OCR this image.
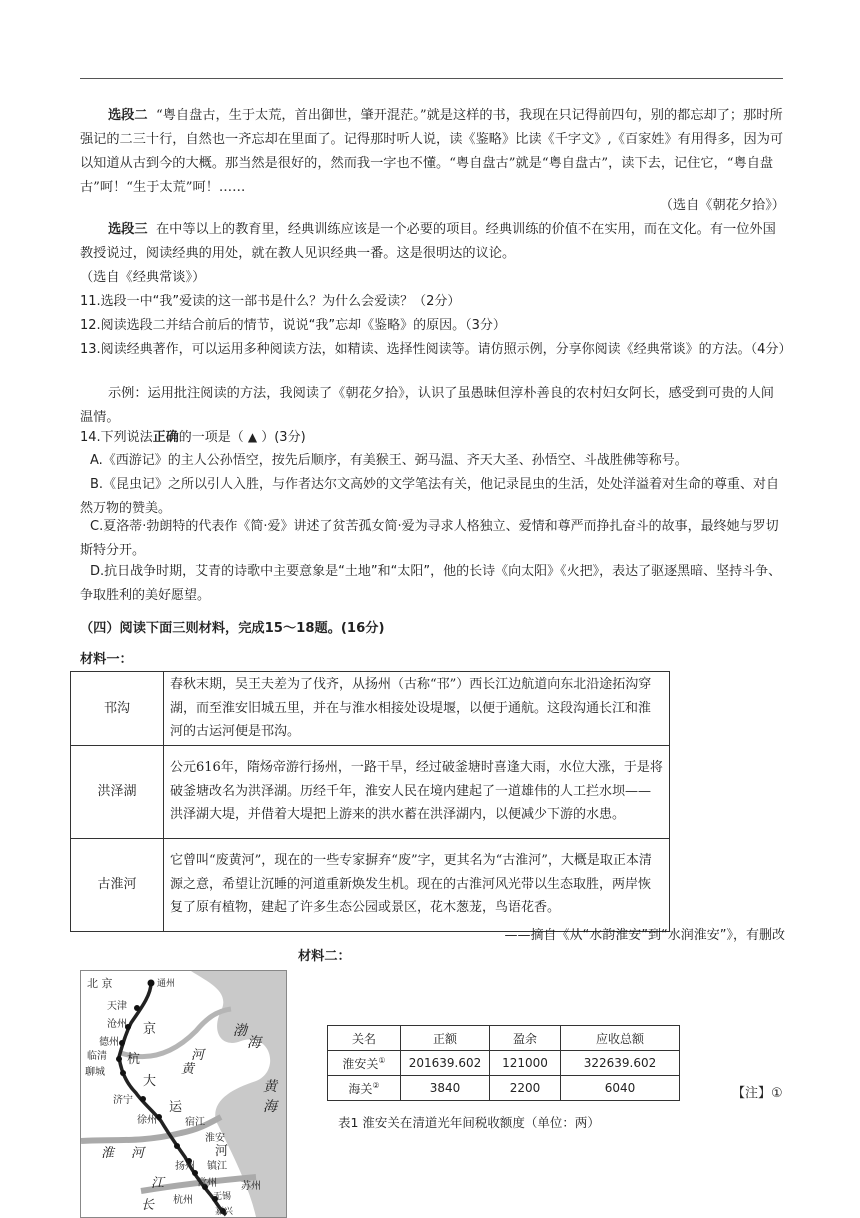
选段二 “粤自盘古，生于太荒，首出御世，肇开混茫。”就是这样的书，我现在只记得前四句，别的都忘却了；那时所强记的二三十行，自然也一齐忘却在里面了。记得那时听人说，读《鉴略》比读《千字文》,《百家姓》有用得多，因为可以知道从古到今的大概。那当然是很好的，然而我一字也不懂。“粤自盘古”就是“粤自盘古”，读下去，记住它，“粤自盘古”呵！“生于太荒”呵！……
（选自《朝花夕拾》）
选段三 在中等以上的教育里，经典训练应该是一个必要的项目。经典训练的价值不在实用，而在文化。有一位外国教授说过，阅读经典的用处，就在教人见识经典一番。这是很明达的议论。
（选自《经典常谈》）
11.选段一中“我”爱读的这一部书是什么？为什么会爱读？（2分）
12.阅读选段二并结合前后的情节，说说“我”忘却《鉴略》的原因。（3分）
13.阅读经典著作，可以运用多种阅读方法，如精读、选择性阅读等。请仿照示例，分享你阅读《经典常谈》的方法。（4分）
示例：运用批注阅读的方法，我阅读了《朝花夕拾》，认识了虽愚昧但淳朴善良的农村妇女阿长，感受到可贵的人间温情。
14.下列说法正确的一项是（ ▲ ）(3分)
A.《西游记》的主人公孙悟空，按先后顺序，有美猴王、弼马温、齐天大圣、孙悟空、斗战胜佛等称号。
B.《昆虫记》之所以引人入胜，与作者达尔文高妙的文学笔法有关，他记录昆虫的生活，处处洋溢着对生命的尊重、对自然万物的赞美。
C.夏洛蒂·勃朗特的代表作《简·爱》讲述了贫苦孤女简·爱为寻求人格独立、爱情和尊严而挣扎奋斗的故事，最终她与罗切斯特分开。
D.抗日战争时期，艾青的诗歌中主要意象是“土地”和“太阳”，他的长诗《向太阳》《火把》，表达了驱逐黑暗、坚持斗争、争取胜利的美好愿望。
（四）阅读下面三则材料，完成15～18题。(16分)
材料一：
邗沟	春秋末期，吴王夫差为了伐齐，从扬州（古称“邗”）西长江边航道向东北沿途拓沟穿湖，而至淮安旧城五里，并在与淮水相接处设堤堰，以便于通航。这段沟通长江和淮河的古运河便是邗沟。
洪泽湖	公元616年，隋炀帝游行扬州，一路干旱，经过破釜塘时喜逢大雨，水位大涨，于是将破釜塘改名为洪泽湖。历经千年，淮安人民在境内建起了一道雄伟的人工拦水坝——洪泽湖大堤，并借着大堤把上游来的洪水蓄在洪泽湖内，以便减少下游的水患。
古淮河	它曾叫“废黄河”，现在的一些专家摒弃“废”字，更其名为“古淮河”，大概是取正本清源之意，希望让沉睡的河道重新焕发生机。现在的古淮河风光带以生态取胜，两岸恢复了原有植物，建起了许多生态公园或景区，花木葱茏，鸟语花香。
——摘自《从“水韵淮安”到“水润淮安”》，有删改
材料二：
北 京	通州
天津
沧州 京
德州
临清 杭
聊城
大
济宁	运
徐州	宿江
淮安
河
扬州 镇江
常州
无锡
苏州
杭州
嘉兴
渤
海
黄
河
黄
海
淮 河
江
长
关名	正额	盈余	应收总额
淮安关①	201639.602	121000	322639.602
海关②	3840	2200	6040
表1 淮安关在清道光年间税收额度（单位：两）
【注】①
